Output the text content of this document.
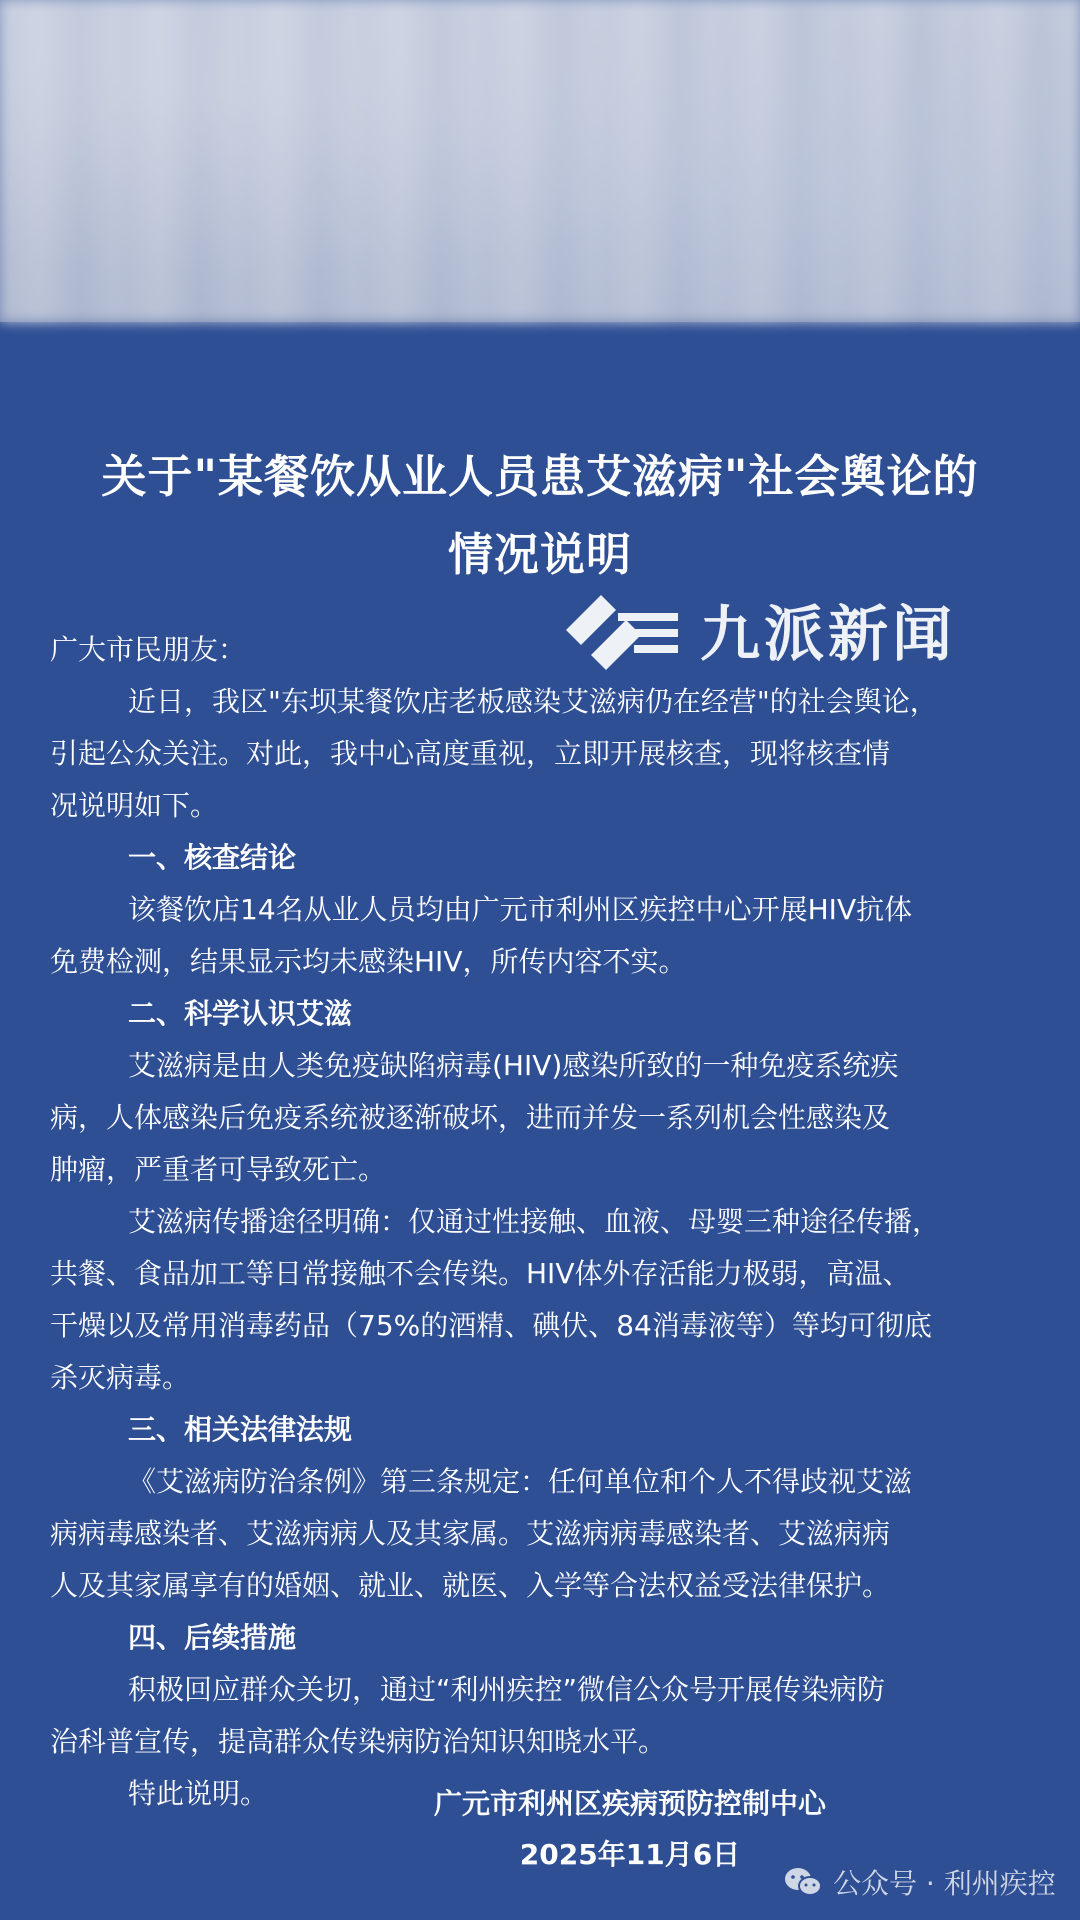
关于"某餐饮从业人员患艾滋病"社会舆论的
情况说明
九派新闻
广大市民朋友：
近日，我区"东坝某餐饮店老板感染艾滋病仍在经营"的社会舆论，
引起公众关注。对此，我中心高度重视，立即开展核查，现将核查情
况说明如下。
一、核查结论
该餐饮店14名从业人员均由广元市利州区疾控中心开展HIV抗体
免费检测，结果显示均未感染HIV，所传内容不实。
二、科学认识艾滋
艾滋病是由人类免疫缺陷病毒(HIV)感染所致的一种免疫系统疾
病，人体感染后免疫系统被逐渐破坏，进而并发一系列机会性感染及
肿瘤，严重者可导致死亡。
艾滋病传播途径明确：仅通过性接触、血液、母婴三种途径传播，
共餐、食品加工等日常接触不会传染。HIV体外存活能力极弱，高温、
干燥以及常用消毒药品（75%的酒精、碘伏、84消毒液等）等均可彻底
杀灭病毒。
三、相关法律法规
《艾滋病防治条例》第三条规定：任何单位和个人不得歧视艾滋
病病毒感染者、艾滋病病人及其家属。艾滋病病毒感染者、艾滋病病
人及其家属享有的婚姻、就业、就医、入学等合法权益受法律保护。
四、后续措施
积极回应群众关切，通过“利州疾控”微信公众号开展传染病防
治科普宣传，提高群众传染病防治知识知晓水平。
特此说明。	广元市利州区疾病预防控制中心
2025年11月6日
公众号 · 利州疾控
